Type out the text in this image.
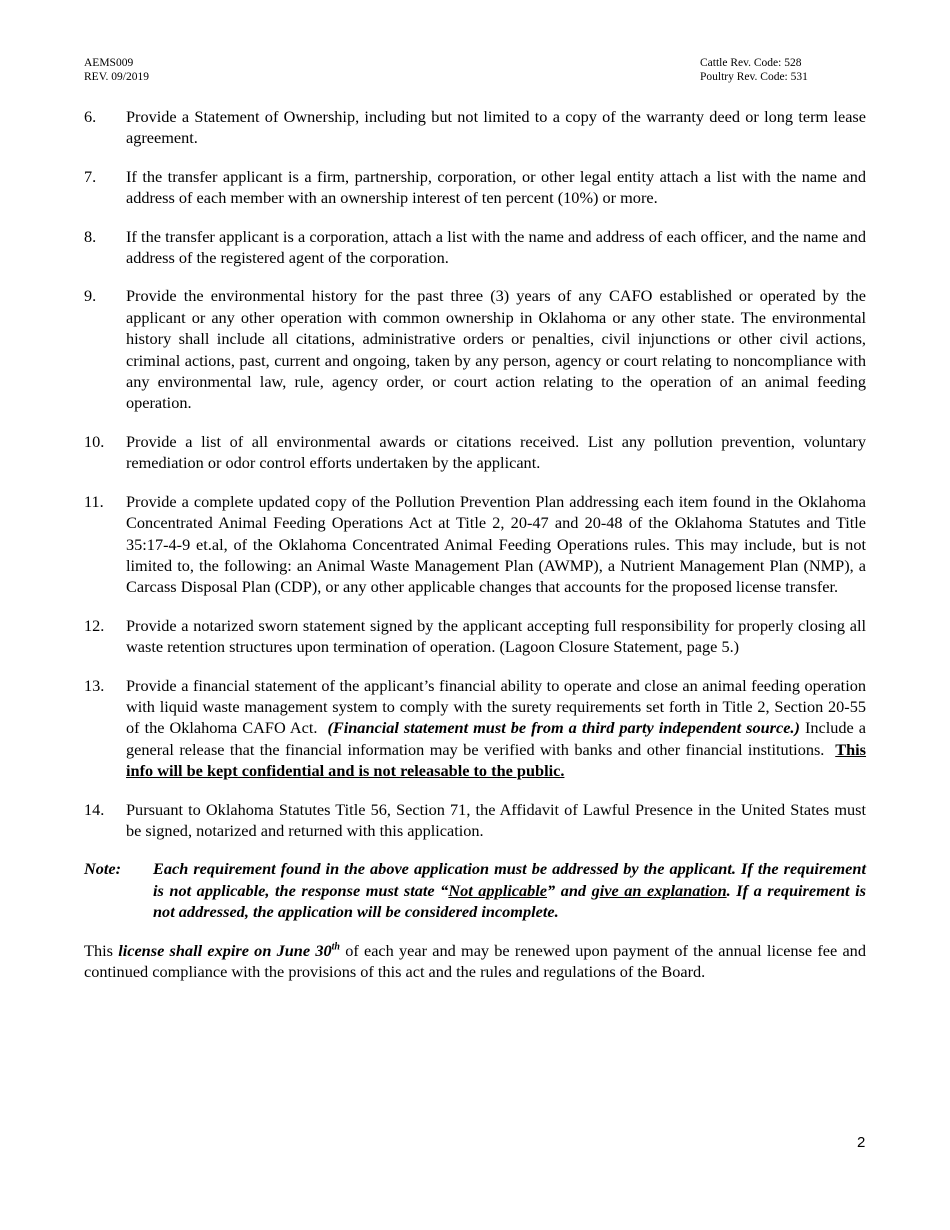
AEMS009
REV. 09/2019
Cattle Rev. Code: 528
Poultry Rev. Code: 531
6.	Provide a Statement of Ownership, including but not limited to a copy of the warranty deed or long term lease agreement.
7.	If the transfer applicant is a firm, partnership, corporation, or other legal entity attach a list with the name and address of each member with an ownership interest of ten percent (10%) or more.
8.	If the transfer applicant is a corporation, attach a list with the name and address of each officer, and the name and address of the registered agent of the corporation.
9.	Provide the environmental history for the past three (3) years of any CAFO established or operated by the applicant or any other operation with common ownership in Oklahoma or any other state. The environmental history shall include all citations, administrative orders or penalties, civil injunctions or other civil actions, criminal actions, past, current and ongoing, taken by any person, agency or court relating to noncompliance with any environmental law, rule, agency order, or court action relating to the operation of an animal feeding operation.
10.	Provide a list of all environmental awards or citations received. List any pollution prevention, voluntary remediation or odor control efforts undertaken by the applicant.
11.	Provide a complete updated copy of the Pollution Prevention Plan addressing each item found in the Oklahoma Concentrated Animal Feeding Operations Act at Title 2, 20-47 and 20-48 of the Oklahoma Statutes and Title 35:17-4-9 et.al, of the Oklahoma Concentrated Animal Feeding Operations rules. This may include, but is not limited to, the following: an Animal Waste Management Plan (AWMP), a Nutrient Management Plan (NMP), a Carcass Disposal Plan (CDP), or any other applicable changes that accounts for the proposed license transfer.
12.	Provide a notarized sworn statement signed by the applicant accepting full responsibility for properly closing all waste retention structures upon termination of operation. (Lagoon Closure Statement, page 5.)
13.	Provide a financial statement of the applicant’s financial ability to operate and close an animal feeding operation with liquid waste management system to comply with the surety requirements set forth in Title 2, Section 20-55 of the Oklahoma CAFO Act. (Financial statement must be from a third party independent source.) Include a general release that the financial information may be verified with banks and other financial institutions. This info will be kept confidential and is not releasable to the public.
14.	Pursuant to Oklahoma Statutes Title 56, Section 71, the Affidavit of Lawful Presence in the United States must be signed, notarized and returned with this application.
Note:	Each requirement found in the above application must be addressed by the applicant. If the requirement is not applicable, the response must state “Not applicable” and give an explanation. If a requirement is not addressed, the application will be considered incomplete.
This license shall expire on June 30th of each year and may be renewed upon payment of the annual license fee and continued compliance with the provisions of this act and the rules and regulations of the Board.
2
